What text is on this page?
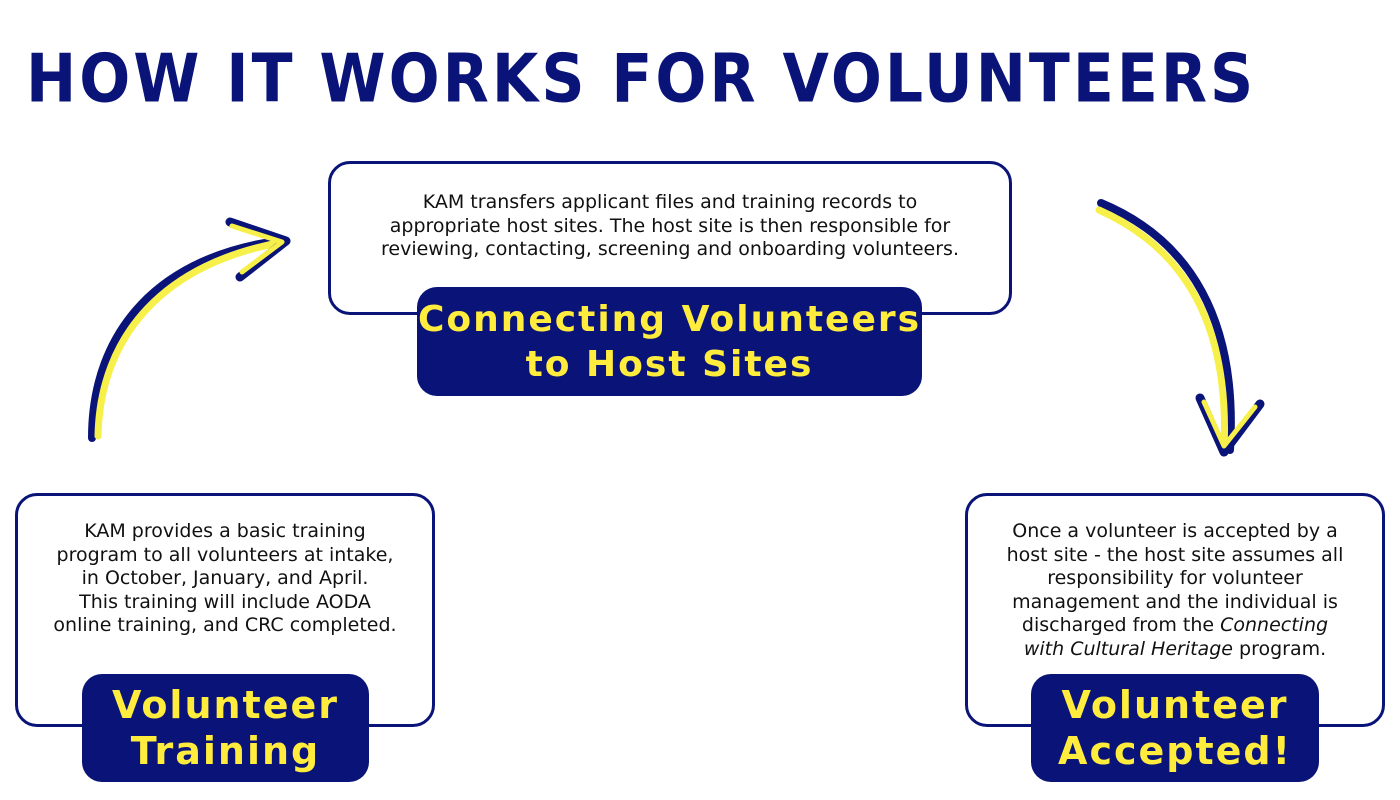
HOW IT WORKS FOR VOLUNTEERS
KAM transfers applicant files and training records to
appropriate host sites. The host site is then responsible for
reviewing, contacting, screening and onboarding volunteers.
Connecting Volunteers
to Host Sites
KAM provides a basic training
program to all volunteers at intake,
in October, January, and April.
This training will include AODA
online training, and CRC completed.
Volunteer
Training
Once a volunteer is accepted by a
host site - the host site assumes all
responsibility for volunteer
management and the individual is
discharged from the Connecting
with Cultural Heritage program.
Volunteer
Accepted!
